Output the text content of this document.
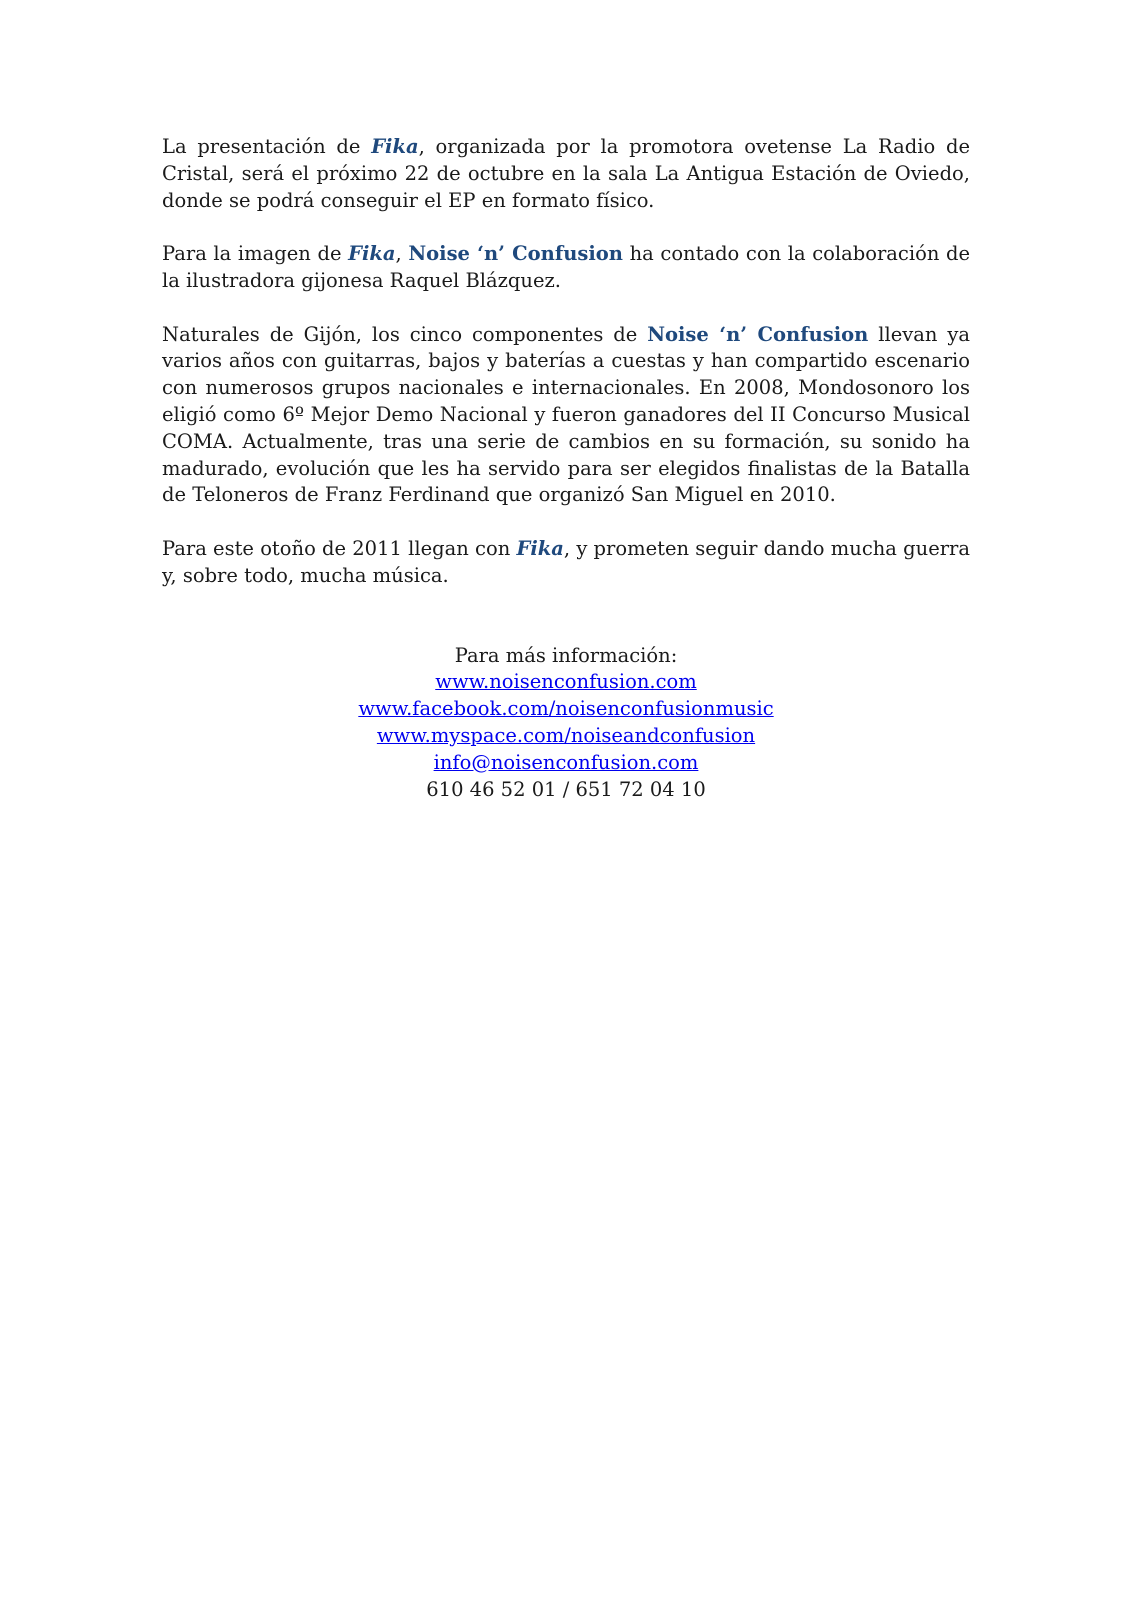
La presentación de Fika, organizada por la promotora ovetense La Radio de Cristal, será el próximo 22 de octubre en la sala La Antigua Estación de Oviedo, donde se podrá conseguir el EP en formato físico.

Para la imagen de Fika, Noise ‘n’ Confusion ha contado con la colaboración de la ilustradora gijonesa Raquel Blázquez.

Naturales de Gijón, los cinco componentes de Noise ‘n’ Confusion llevan ya varios años con guitarras, bajos y baterías a cuestas y han compartido escenario con numerosos grupos nacionales e internacionales. En 2008, Mondosonoro los eligió como 6º Mejor Demo Nacional y fueron ganadores del II Concurso Musical COMA. Actualmente, tras una serie de cambios en su formación, su sonido ha madurado, evolución que les ha servido para ser elegidos finalistas de la Batalla de Teloneros de Franz Ferdinand que organizó San Miguel en 2010.

Para este otoño de 2011 llegan con Fika, y prometen seguir dando mucha guerra y, sobre todo, mucha música.

Para más información:
www.noisenconfusion.com
www.facebook.com/noisenconfusionmusic
www.myspace.com/noiseandconfusion
info@noisenconfusion.com
610 46 52 01 / 651 72 04 10
